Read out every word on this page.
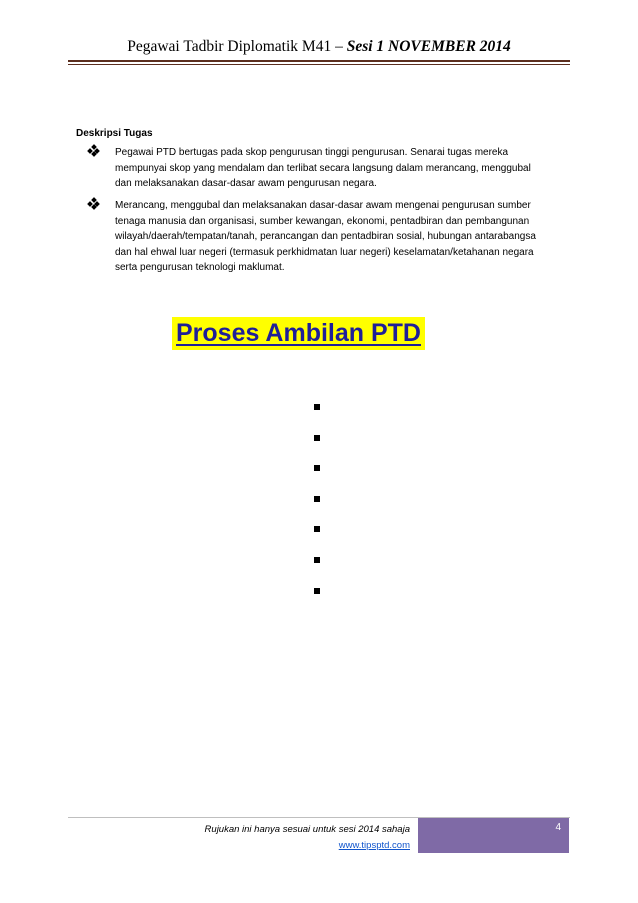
Pegawai Tadbir Diplomatik M41 – Sesi 1 NOVEMBER 2014
Deskripsi Tugas
Pegawai PTD bertugas pada skop pengurusan tinggi pengurusan. Senarai tugas mereka mempunyai skop yang mendalam dan terlibat secara langsung dalam merancang, menggubal dan melaksanakan dasar-dasar awam pengurusan negara.
Merancang, menggubal dan melaksanakan dasar-dasar awam mengenai pengurusan sumber tenaga manusia dan organisasi, sumber kewangan, ekonomi, pentadbiran dan pembangunan wilayah/daerah/tempatan/tanah, perancangan dan pentadbiran sosial, hubungan antarabangsa dan hal ehwal luar negeri (termasuk perkhidmatan luar negeri) keselamatan/ketahanan negara serta pengurusan teknologi maklumat.
Proses Ambilan PTD
Rujukan ini hanya sesuai untuk sesi 2014 sahaja
www.tipsptd.com
4
